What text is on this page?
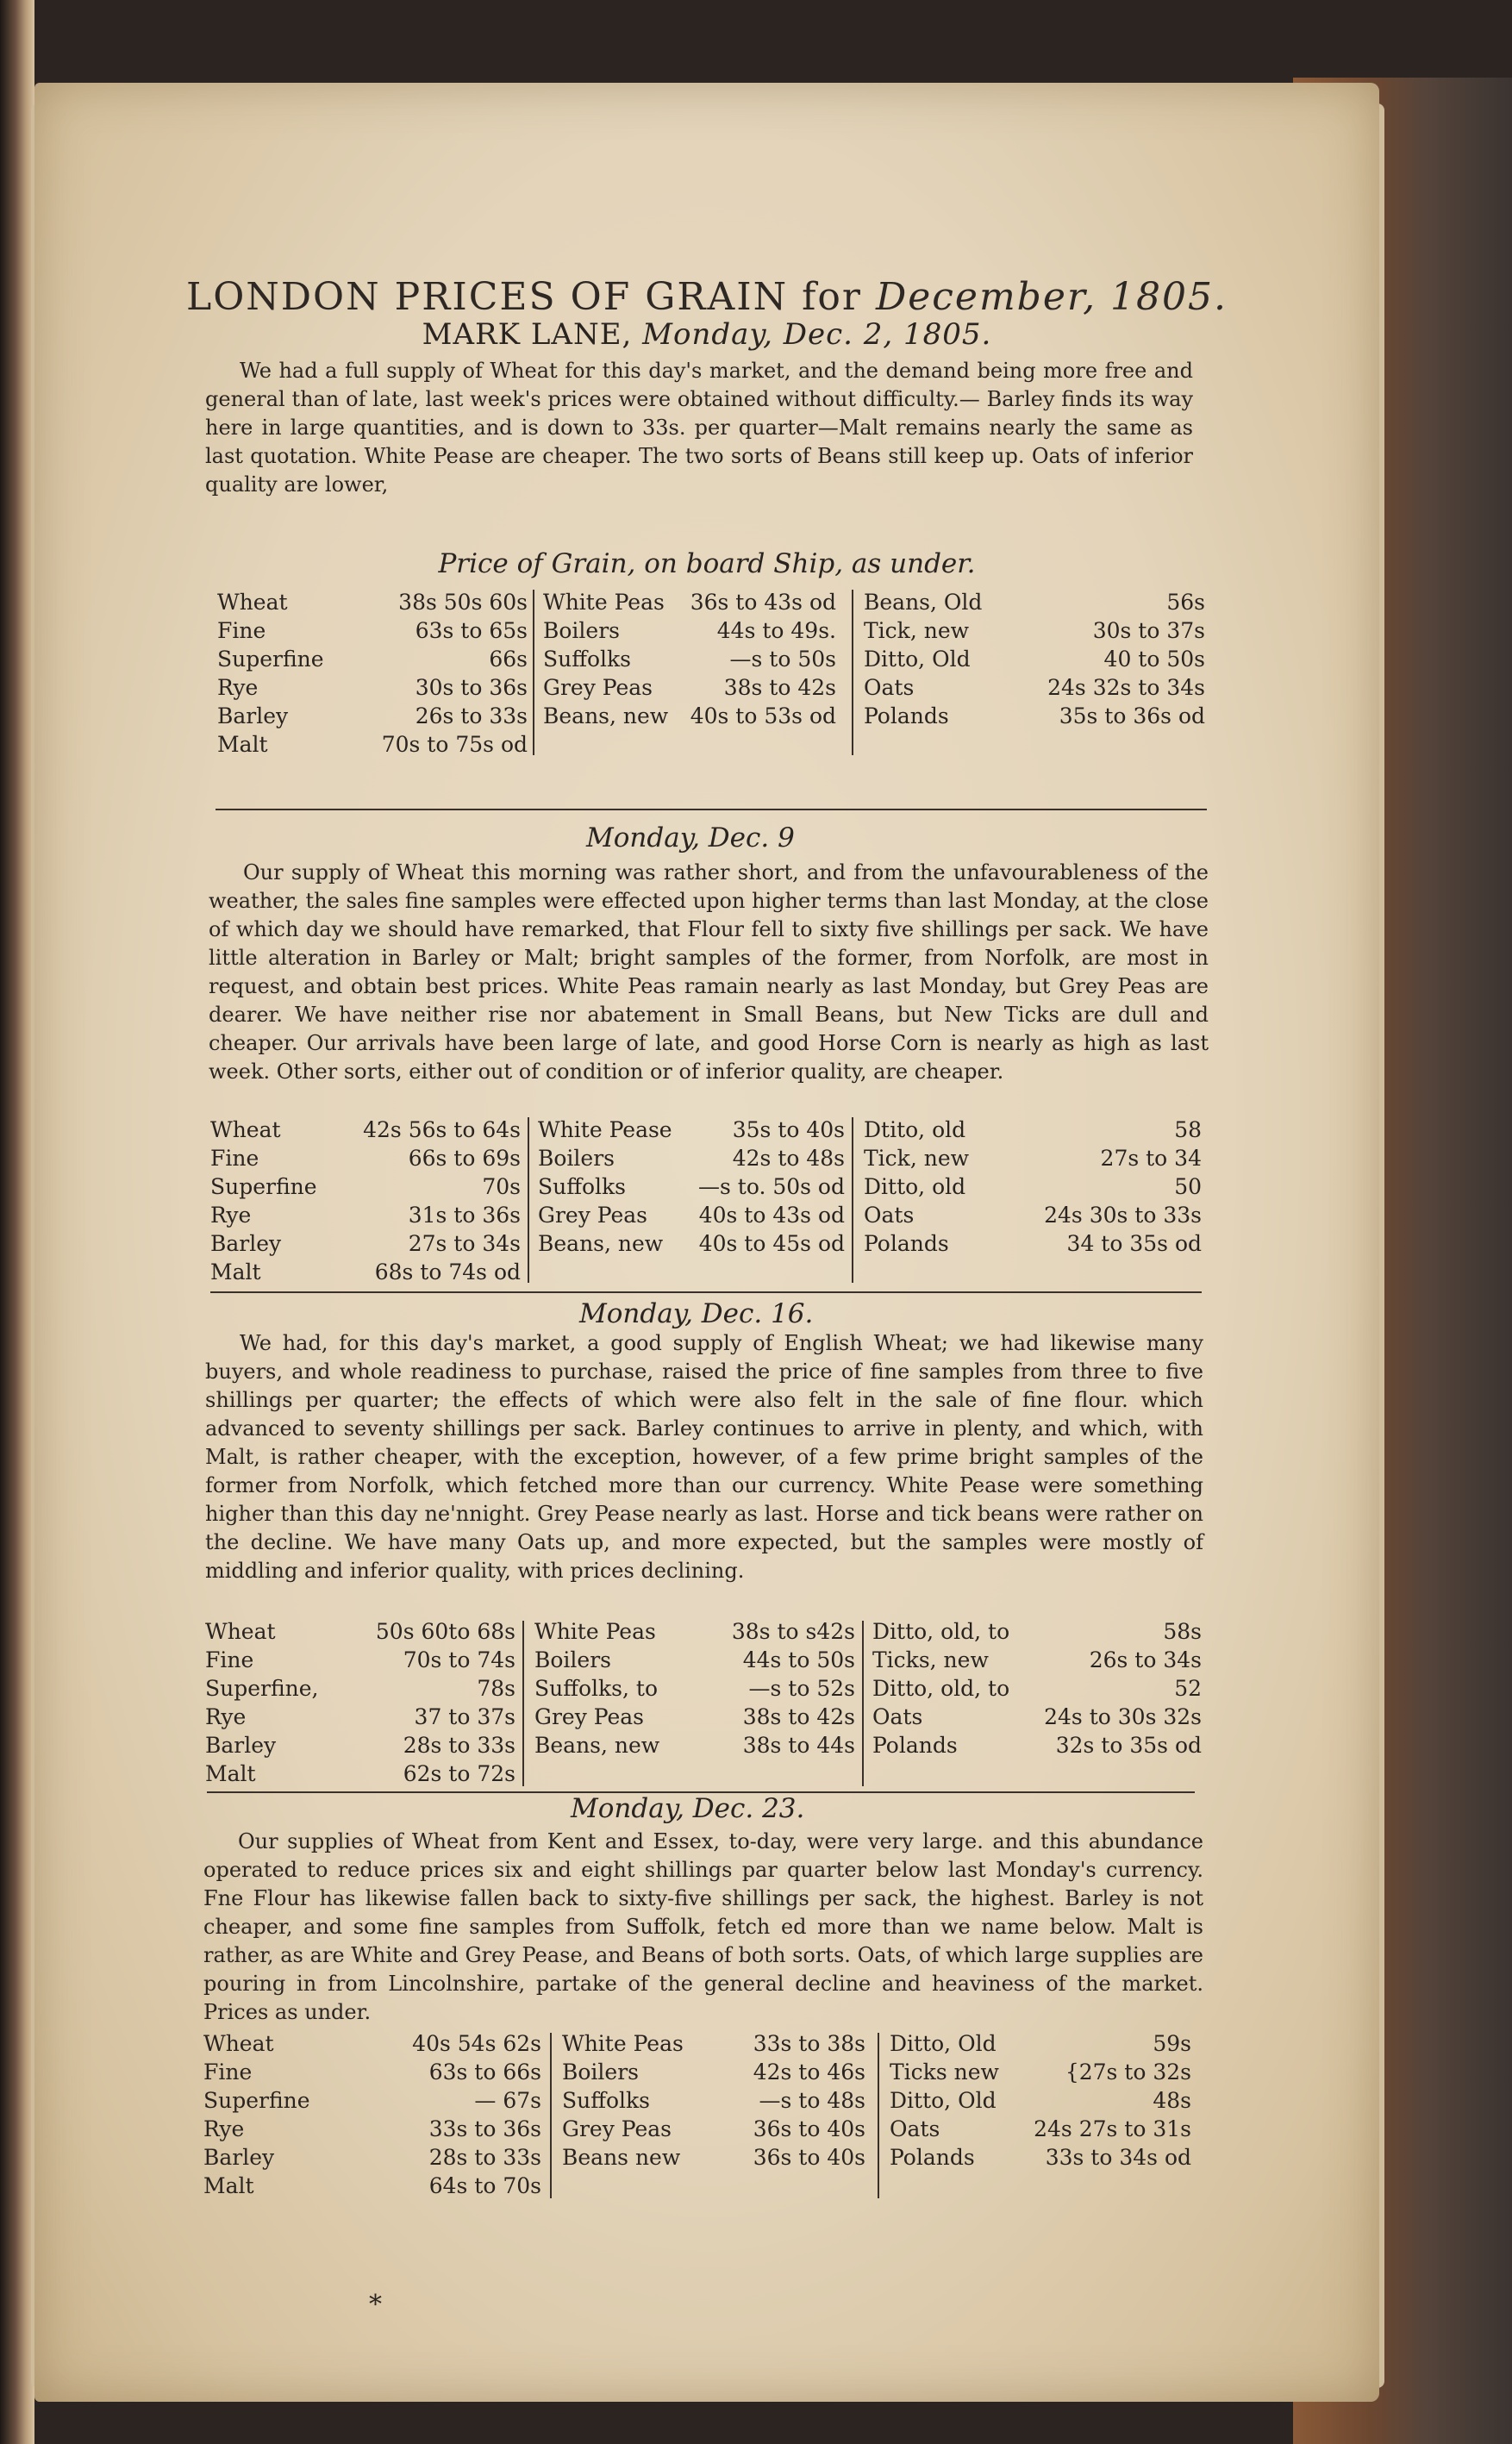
LONDON PRICES OF GRAIN for December, 1805.
MARK LANE, Monday, Dec. 2, 1805.

We had a full supply of Wheat for this day's market, and the demand being more free and general than of late, last week's prices were obtained without difficulty.— Barley finds its way here in large quantities, and is down to 33s. per quarter—Malt remains nearly the same as last quotation. White Pease are cheaper. The two sorts of Beans still keep up. Oats of inferior quality are lower,

Price of Grain, on board Ship, as under.
Wheat	38s 50s 60s
Fine	63s to 65s
Superfine	66s
Rye	30s to 36s
Barley	26s to 33s
Malt	70s to 75s od
White Peas 36s to 43s od
Boilers	44s to 49s.
Suffolks	—s to 50s
Grey Peas	38s to 42s
Beans, new 40s to 53s od
Beans, Old	56s
Tick, new	30s to 37s
Ditto, Old	40 to 50s
Oats	24s 32s to 34s
Polands	35s to 36s od
Monday, Dec. 9

Our supply of Wheat this morning was rather short, and from the unfavourableness of the weather, the sales fine samples were effected upon higher terms than last Monday, at the close of which day we should have remarked, that Flour fell to sixty five shillings per sack. We have little alteration in Barley or Malt; bright samples of the former, from Norfolk, are most in request, and obtain best prices. White Peas ramain nearly as last Monday, but Grey Peas are dearer. We have neither rise nor abatement in Small Beans, but New Ticks are dull and cheaper. Our arrivals have been large of late, and good Horse Corn is nearly as high as last week. Other sorts, either out of condition or of inferior quality, are cheaper.

Wheat	42s 56s to 64s
Fine	66s to 69s
Superfine	70s
Rye	31s to 36s
Barley	27s to 34s
Malt	68s to 74s od
White Pease	35s to 40s
Boilers	42s to 48s
Suffolks	—s to. 50s od
Grey Peas 40s to 43s od
Beans, new 40s to 45s od
Dtito, old	58
Tick, new	27s to 34
Ditto, old	50
Oats	24s 30s to 33s
Polands	34 to 35s od
Monday, Dec. 16.

We had, for this day's market, a good supply of English Wheat; we had likewise many buyers, and whole readiness to purchase, raised the price of fine samples from three to five shillings per quarter; the effects of which were also felt in the sale of fine flour. which advanced to seventy shillings per sack. Barley continues to arrive in plenty, and which, with Malt, is rather cheaper, with the exception, however, of a few prime bright samples of the former from Norfolk, which fetched more than our currency. White Pease were something higher than this day ne'nnight. Grey Pease nearly as last. Horse and tick beans were rather on the decline. We have many Oats up, and more expected, but the samples were mostly of middling and inferior quality, with prices declining.

Wheat	50s 60to 68s
Fine	70s to 74s
Superfine,	78s
Rye	37 to 37s
Barley	28s to 33s
Malt	62s to 72s
White Peas	38s to s42s
Boilers	44s to 50s
Suffolks, to	—s to 52s
Grey Peas	38s to 42s
Beans, new	38s to 44s
Ditto, old, to	58s
Ticks, new	26s to 34s
Ditto, old, to	52
Oats	24s to 30s 32s
Polands	32s to 35s od
Monday, Dec. 23.

Our supplies of Wheat from Kent and Essex, to-day, were very large. and this abundance operated to reduce prices six and eight shillings par quarter below last Monday's currency. Fne Flour has likewise fallen back to sixty-five shillings per sack, the highest. Barley is not cheaper, and some fine samples from Suffolk, fetch ed more than we name below. Malt is rather, as are White and Grey Pease, and Beans of both sorts. Oats, of which large supplies are pouring in from Lincolnshire, partake of the general decline and heaviness of the market. Prices as under.

Wheat	40s 54s 62s
Fine	63s to 66s
Superfine	— 67s
Rye	33s to 36s
Barley	28s to 33s
Malt	64s to 70s
White Peas	33s to 38s
Boilers	42s to 46s
Suffolks	—s to 48s
Grey Peas	36s to 40s
Beans new	36s to 40s
Ditto, Old	59s
Ticks new	{27s to 32s
Ditto, Old	48s
Oats	24s 27s to 31s
Polands	33s to 34s od
*
